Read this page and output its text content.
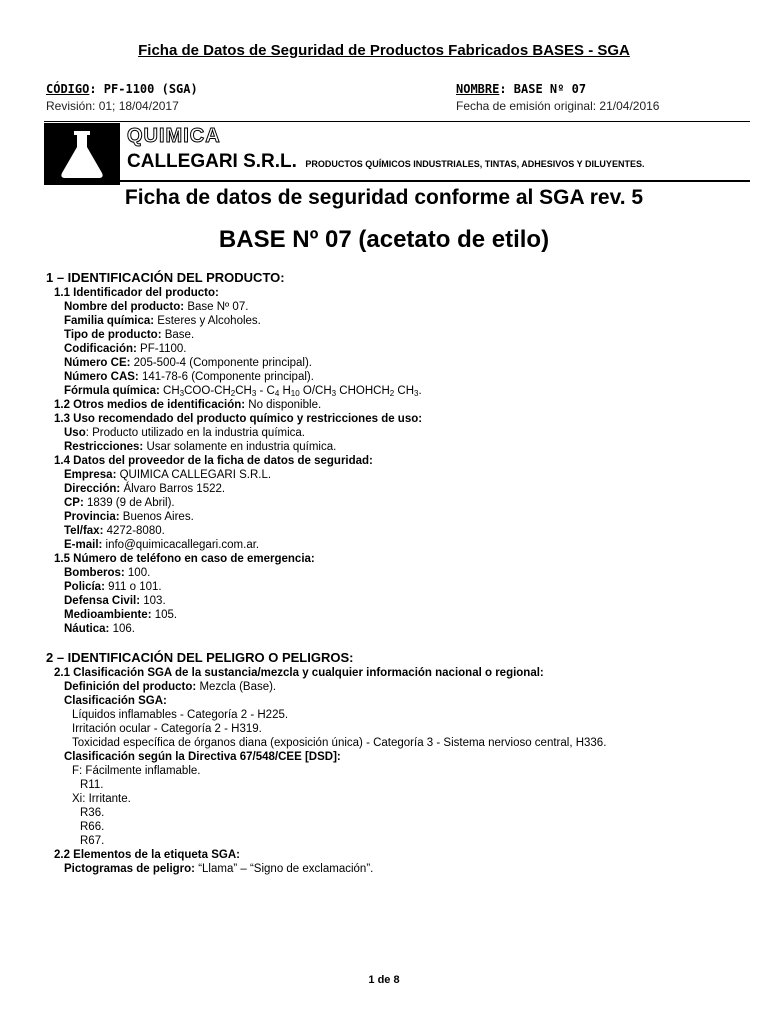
Ficha de Datos de Seguridad de Productos Fabricados BASES - SGA
CÓDIGO: PF-1100 (SGA)	NOMBRE: BASE Nº 07
Revisión: 01; 18/04/2017	Fecha de emisión original: 21/04/2016
QUIMICA
CALLEGARI S.R.L. PRODUCTOS QUÍMICOS INDUSTRIALES, TINTAS, ADHESIVOS Y DILUYENTES.
Ficha de datos de seguridad conforme al SGA rev. 5
BASE Nº 07 (acetato de etilo)
1 – IDENTIFICACIÓN DEL PRODUCTO:
1.1 Identificador del producto:
Nombre del producto: Base Nº 07.
Familia química: Esteres y Alcoholes.
Tipo de producto: Base.
Codificación: PF-1100.
Número CE: 205-500-4 (Componente principal).
Número CAS: 141-78-6 (Componente principal).
Fórmula química: $CH_3COO-CH_2CH_3 - C_4$ $H_{10}$ $O/CH_3$ $CHOHCH_2$ $CH_3$.
1.2 Otros medios de identificación: No disponible.
1.3 Uso recomendado del producto químico y restricciones de uso:
Uso: Producto utilizado en la industria química.
Restricciones: Usar solamente en industria química.
1.4 Datos del proveedor de la ficha de datos de seguridad:
Empresa: QUIMICA CALLEGARI S.R.L.
Dirección: Álvaro Barros 1522.
CP: 1839 (9 de Abril).
Provincia: Buenos Aires.
Tel/fax: 4272-8080.
E-mail: info@quimicacallegari.com.ar.
1.5 Número de teléfono en caso de emergencia:
Bomberos: 100.
Policía: 911 o 101.
Defensa Civil: 103.
Medioambiente: 105.
Náutica: 106.
2 – IDENTIFICACIÓN DEL PELIGRO O PELIGROS:
2.1 Clasificación SGA de la sustancia/mezcla y cualquier información nacional o regional:
Definición del producto: Mezcla (Base).
Clasificación SGA:
Líquidos inflamables - Categoría 2 - H225.
Irritación ocular - Categoría 2 - H319.
Toxicidad específica de órganos diana (exposición única) - Categoría 3 - Sistema nervioso central, H336.
Clasificación según la Directiva 67/548/CEE [DSD]:
F: Fácilmente inflamable.
R11.
Xi: Irritante.
R36.
R66.
R67.
2.2 Elementos de la etiqueta SGA:
Pictogramas de peligro: “Llama” – “Signo de exclamación”.
1 de 8
